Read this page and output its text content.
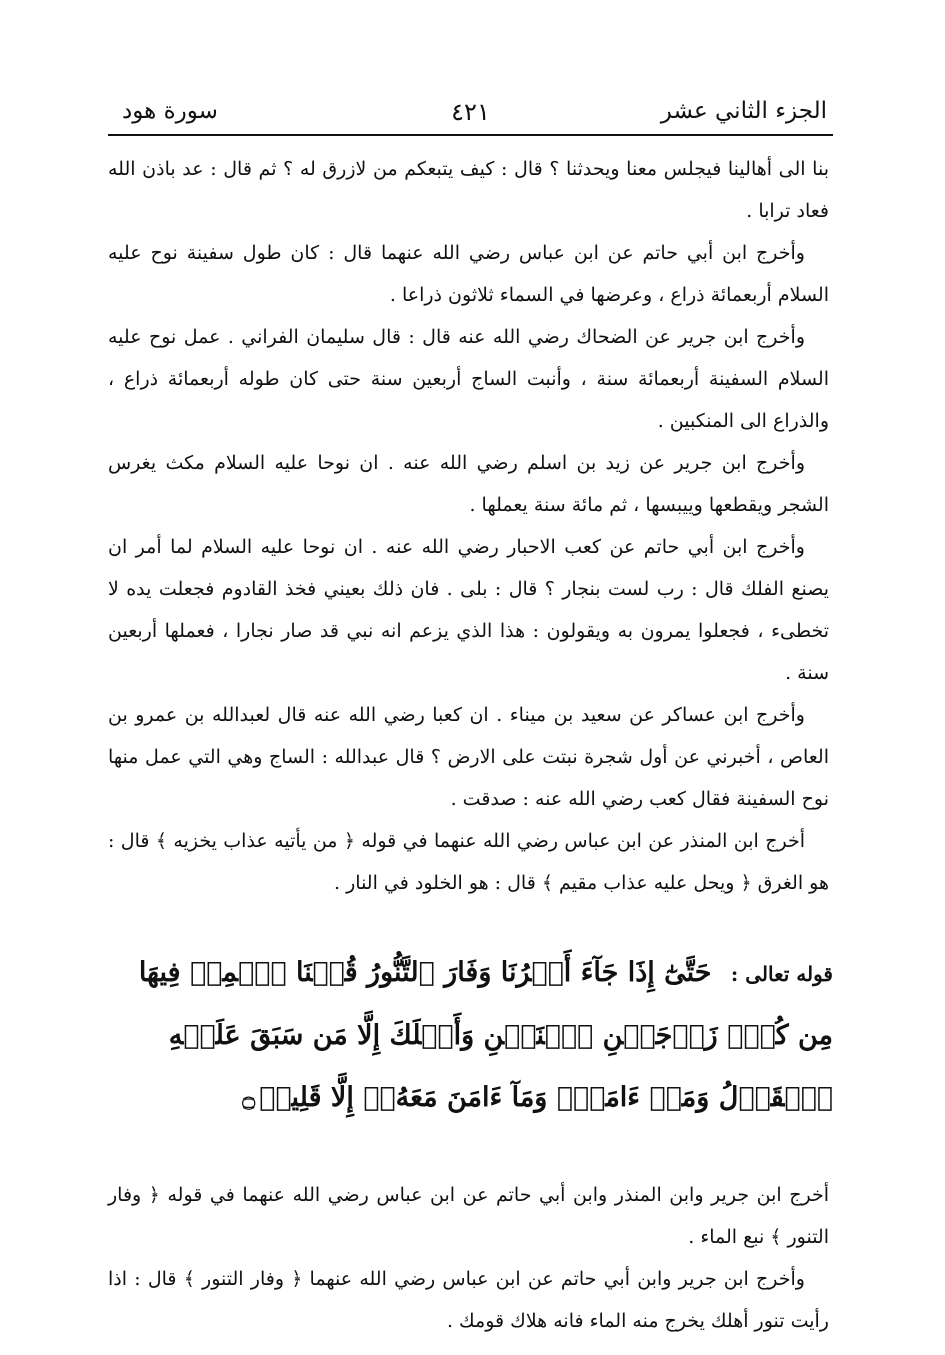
الجزء الثاني عشر
٤٢١
سورة هود

بنا الى أهالينا فيجلس معنا ويحدثنا ؟ قال : كيف يتبعكم من لازرق له ؟ ثم قال : عد باذن الله فعاد ترابا .

وأخرج ابن أبي حاتم عن ابن عباس رضي الله عنهما قال : كان طول سفينة نوح عليه السلام أربعمائة ذراع ، وعرضها في السماء ثلاثون ذراعا .

وأخرج ابن جرير عن الضحاك رضي الله عنه قال : قال سليمان الفراني . عمل نوح عليه السلام السفينة أربعمائة سنة ، وأنبت الساج أربعين سنة حتى كان طوله أربعمائة ذراع ، والذراع الى المنكبين .

وأخرج ابن جرير عن زيد بن اسلم رضي الله عنه . ان نوحا عليه السلام مكث يغرس الشجر ويقطعها وييبسها ، ثم مائة سنة يعملها .

وأخرج ابن أبي حاتم عن كعب الاحبار رضي الله عنه . ان نوحا عليه السلام لما أمر ان يصنع الفلك قال : رب لست بنجار ؟ قال : بلى . فان ذلك بعيني فخذ القادوم فجعلت يده لا تخطىء ، فجعلوا يمرون به ويقولون : هذا الذي يزعم انه نبي قد صار نجارا ، فعملها أربعين سنة .

وأخرج ابن عساكر عن سعيد بن ميناء . ان كعبا رضي الله عنه قال لعبدالله بن عمرو بن العاص ، أخبرني عن أول شجرة نبتت على الارض ؟ قال عبدالله : الساج وهي التي عمل منها نوح السفينة فقال كعب رضي الله عنه : صدقت .

أخرج ابن المنذر عن ابن عباس رضي الله عنهما في قوله ﴿ من يأتيه عذاب يخزيه ﴾ قال : هو الغرق ﴿ ويحل عليه عذاب مقيم ﴾ قال : هو الخلود في النار .

قوله تعالى : حَتَّىٰٓ إِذَا جَآءَ أَمۡرُنَا وَفَارَ ٱلتَّنُّورُ قُلۡنَا ٱحۡمِلۡ فِيهَا مِن كُلّٖ زَوۡجَيۡنِ ٱثۡنَيۡنِ وَأَهۡلَكَ إِلَّا مَن سَبَقَ عَلَيۡهِ ٱلۡقَوۡلُ وَمَنۡ ءَامَنَۚ وَمَآ ءَامَنَ مَعَهُۥٓ إِلَّا قَلِيلٞ۝

أخرج ابن جرير وابن المنذر وابن أبي حاتم عن ابن عباس رضي الله عنهما في قوله ﴿ وفار التنور ﴾ نبع الماء .

وأخرج ابن جرير وابن أبي حاتم عن ابن عباس رضي الله عنهما ﴿ وفار التنور ﴾ قال : اذا رأيت تنور أهلك يخرج منه الماء فانه هلاك قومك .
